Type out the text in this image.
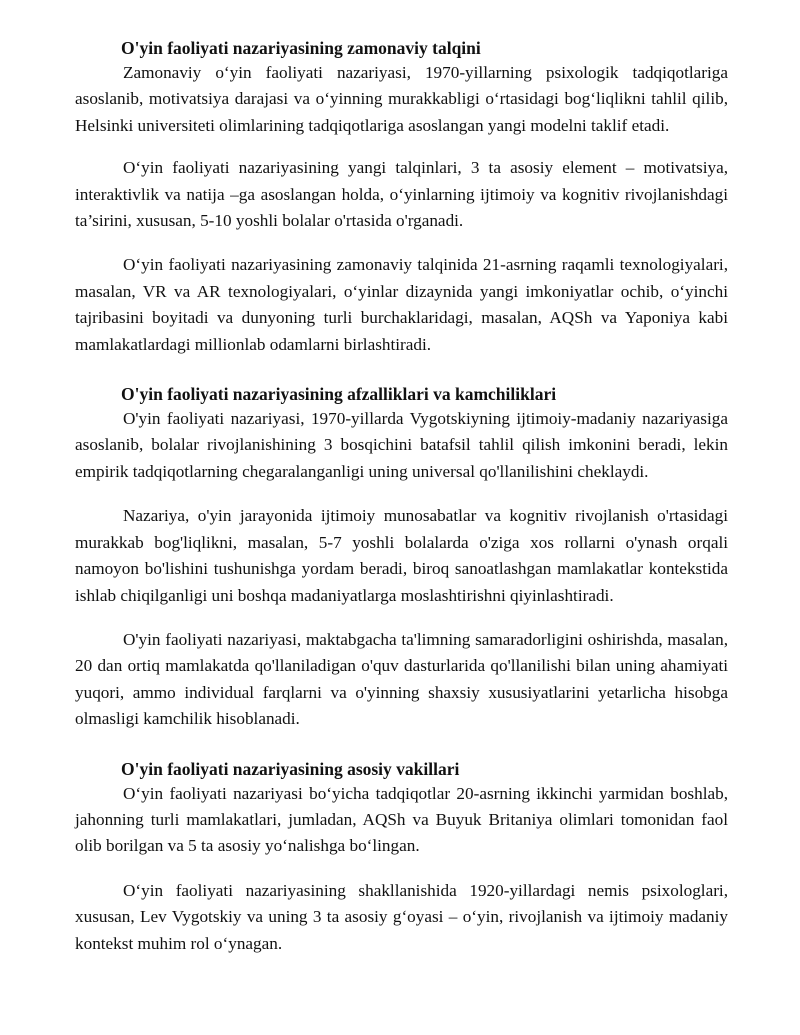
O'yin faoliyati nazariyasining zamonaviy talqini

Zamonaviy o‘yin faoliyati nazariyasi, 1970-yillarning psixologik tadqiqotlariga asoslanib, motivatsiya darajasi va o‘yinning murakkabligi o‘rtasidagi bog‘liqlikni tahlil qilib, Helsinki universiteti olimlarining tadqiqotlariga asoslangan yangi modelni taklif etadi.

O‘yin faoliyati nazariyasining yangi talqinlari, 3 ta asosiy element – motivatsiya, interaktivlik va natija –ga asoslangan holda, o‘yinlarning ijtimoiy va kognitiv rivojlanishdagi ta’sirini, xususan, 5-10 yoshli bolalar o'rtasida o'rganadi.

O‘yin faoliyati nazariyasining zamonaviy talqinida 21-asrning raqamli texnologiyalari, masalan, VR va AR texnologiyalari, o‘yinlar dizaynida yangi imkoniyatlar ochib, o‘yinchi tajribasini boyitadi va dunyoning turli burchaklaridagi, masalan, AQSh va Yaponiya kabi mamlakatlardagi millionlab odamlarni birlashtiradi.

O'yin faoliyati nazariyasining afzalliklari va kamchiliklari

O'yin faoliyati nazariyasi, 1970-yillarda Vygotskiyning ijtimoiy-madaniy nazariyasiga asoslanib, bolalar rivojlanishining 3 bosqichini batafsil tahlil qilish imkonini beradi, lekin empirik tadqiqotlarning chegaralanganligi uning universal qo'llanilishini cheklaydi.

Nazariya, o'yin jarayonida ijtimoiy munosabatlar va kognitiv rivojlanish o'rtasidagi murakkab bog'liqlikni, masalan, 5-7 yoshli bolalarda o'ziga xos rollarni o'ynash orqali namoyon bo'lishini tushunishga yordam beradi, biroq sanoatlashgan mamlakatlar kontekstida ishlab chiqilganligi uni boshqa madaniyatlarga moslashtirishni qiyinlashtiradi.

O'yin faoliyati nazariyasi, maktabgacha ta'limning samaradorligini oshirishda, masalan, 20 dan ortiq mamlakatda qo'llaniladigan o'quv dasturlarida qo'llanilishi bilan uning ahamiyati yuqori, ammo individual farqlarni va o'yinning shaxsiy xususiyatlarini yetarlicha hisobga olmasligi kamchilik hisoblanadi.

O'yin faoliyati nazariyasining asosiy vakillari

O‘yin faoliyati nazariyasi bo‘yicha tadqiqotlar 20-asrning ikkinchi yarmidan boshlab, jahonning turli mamlakatlari, jumladan, AQSh va Buyuk Britaniya olimlari tomonidan faol olib borilgan va 5 ta asosiy yo‘nalishga bo‘lingan.

O‘yin faoliyati nazariyasining shakllanishida 1920-yillardagi nemis psixologlari, xususan, Lev Vygotskiy va uning 3 ta asosiy g‘oyasi – o‘yin, rivojlanish va ijtimoiy madaniy kontekst muhim rol o‘ynagan.
